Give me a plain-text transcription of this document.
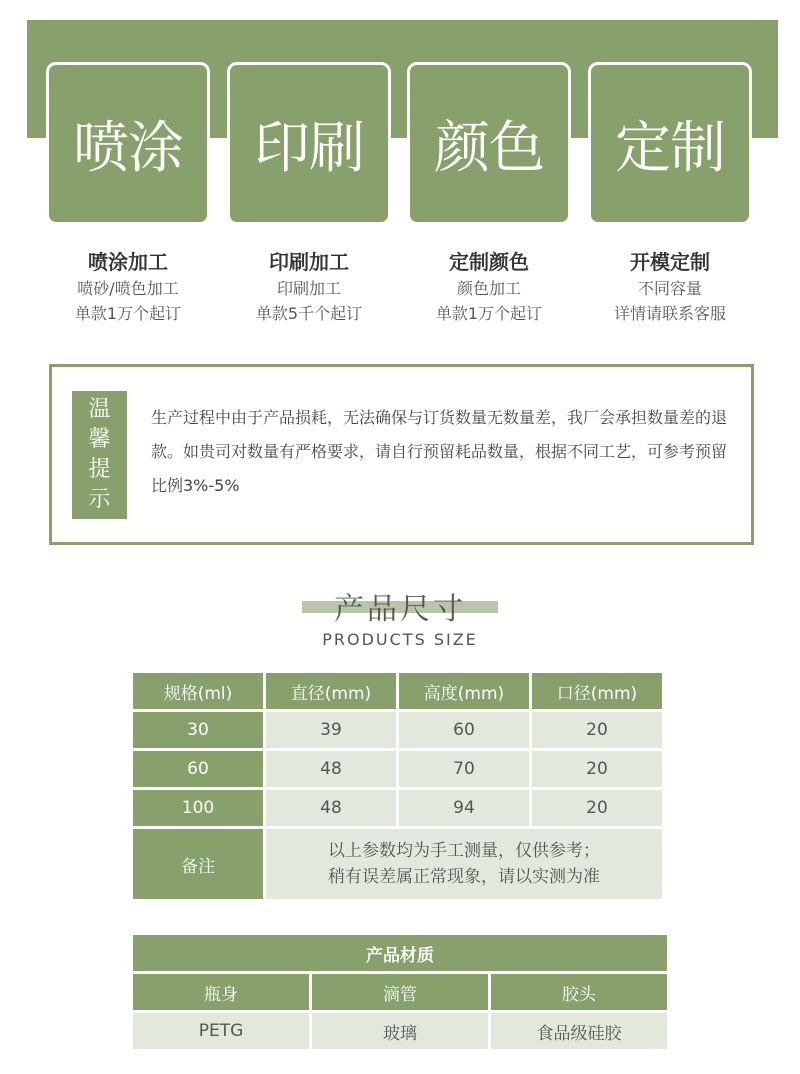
喷涂 印刷 颜色 定制
喷涂加工
喷砂/喷色加工
单款1万个起订
印刷加工
印刷加工
单款5千个起订
定制颜色
颜色加工
单款1万个起订
开模定制
不同容量
详情请联系客服
温
馨
提
示
生产过程中由于产品损耗，无法确保与订货数量无数量差，我厂会承担数量差的退款。如贵司对数量有严格要求，请自行预留耗品数量，根据不同工艺，可参考预留比例3%-5%
产品尺寸
PRODUCTS SIZE
规格(ml)	直径(mm)	高度(mm)	口径(mm)
30	39	60	20
60	48	70	20
100	48	94	20
备注	以上参数均为手工测量，仅供参考；
稍有误差属正常现象，请以实测为准		
产品材质		
瓶身	滴管	胶头
PETG	玻璃	食品级硅胶
